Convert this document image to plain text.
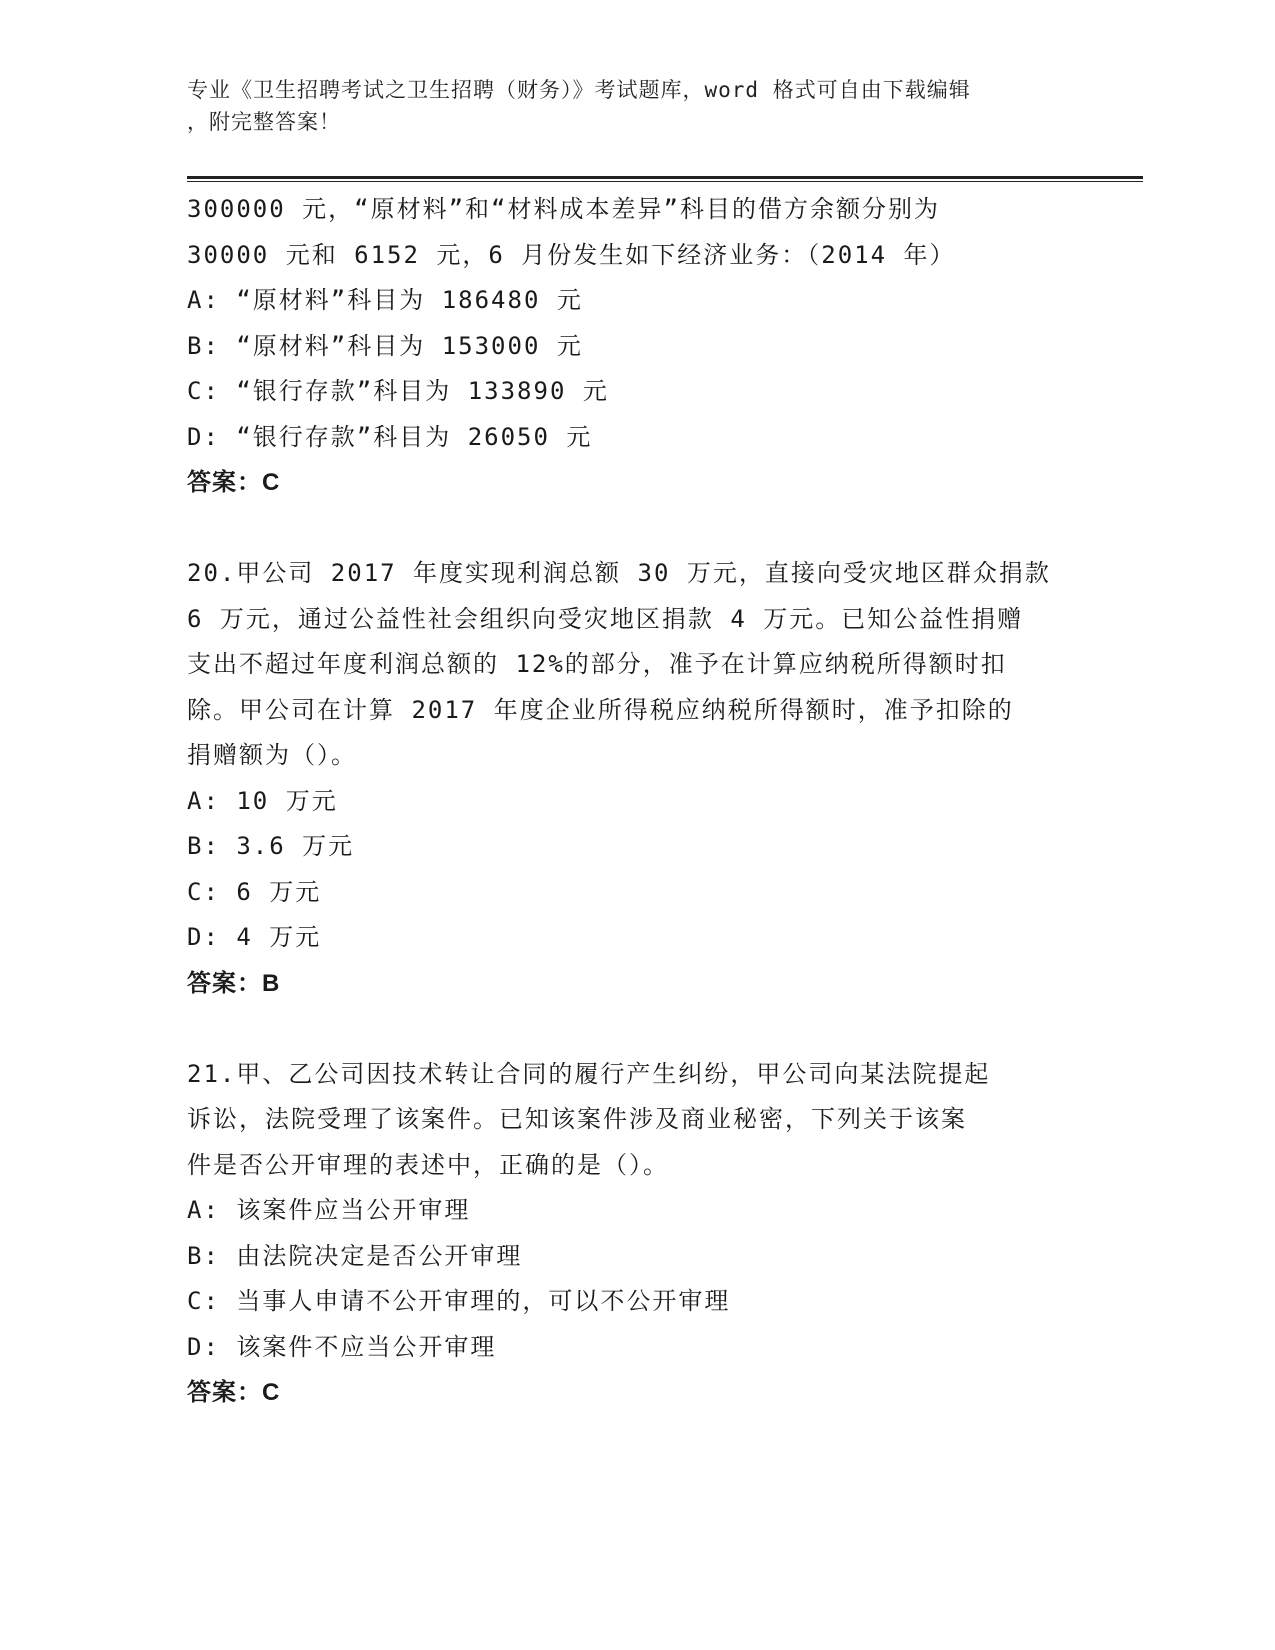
专业《卫生招聘考试之卫生招聘（财务）》考试题库，word 格式可自由下载编辑
，附完整答案！
300000 元，“原材料”和“材料成本差异”科目的借方余额分别为
30000 元和 6152 元，6 月份发生如下经济业务：（2014 年）
A: “原材料”科目为 186480 元
B: “原材料”科目为 153000 元
C: “银行存款”科目为 133890 元
D: “银行存款”科目为 26050 元
答案：C
20.甲公司 2017 年度实现利润总额 30 万元，直接向受灾地区群众捐款
6 万元，通过公益性社会组织向受灾地区捐款 4 万元。已知公益性捐赠
支出不超过年度利润总额的 12%的部分，准予在计算应纳税所得额时扣
除。甲公司在计算 2017 年度企业所得税应纳税所得额时，准予扣除的
捐赠额为（）。
A: 10 万元
B: 3.6 万元
C: 6 万元
D: 4 万元
答案：B
21.甲、乙公司因技术转让合同的履行产生纠纷，甲公司向某法院提起
诉讼，法院受理了该案件。已知该案件涉及商业秘密，下列关于该案
件是否公开审理的表述中，正确的是（）。
A: 该案件应当公开审理
B: 由法院决定是否公开审理
C: 当事人申请不公开审理的，可以不公开审理
D: 该案件不应当公开审理
答案：C
